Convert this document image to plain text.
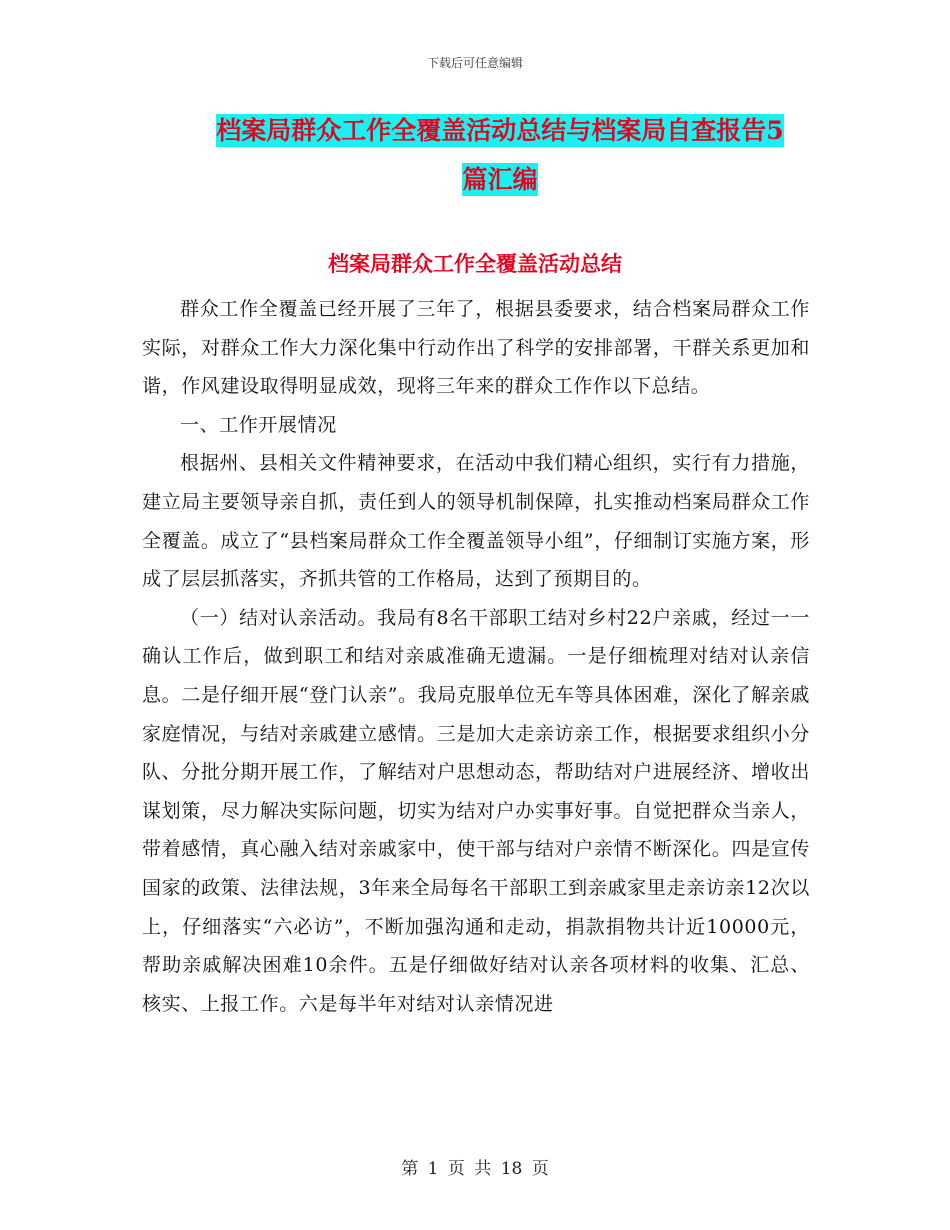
下载后可任意编辑
档案局群众工作全覆盖活动总结与档案局自查报告5
篇汇编
档案局群众工作全覆盖活动总结

群众工作全覆盖已经开展了三年了，根据县委要求，结合档案局群众工作实际，对群众工作大力深化集中行动作出了科学的安排部署，干群关系更加和谐，作风建设取得明显成效，现将三年来的群众工作作以下总结。

一、工作开展情况

根据州、县相关文件精神要求，在活动中我们精心组织，实行有力措施，建立局主要领导亲自抓，责任到人的领导机制保障，扎实推动档案局群众工作全覆盖。成立了“县档案局群众工作全覆盖领导小组”，仔细制订实施方案，形成了层层抓落实，齐抓共管的工作格局，达到了预期目的。

（一）结对认亲活动。我局有8名干部职工结对乡村22户亲戚，经过一一确认工作后，做到职工和结对亲戚准确无遗漏。一是仔细梳理对结对认亲信息。二是仔细开展“登门认亲”。我局克服单位无车等具体困难，深化了解亲戚家庭情况，与结对亲戚建立感情。三是加大走亲访亲工作，根据要求组织小分队、分批分期开展工作，了解结对户思想动态，帮助结对户进展经济、增收出谋划策，尽力解决实际问题，切实为结对户办实事好事。自觉把群众当亲人，带着感情，真心融入结对亲戚家中，使干部与结对户亲情不断深化。四是宣传国家的政策、法律法规，3年来全局每名干部职工到亲戚家里走亲访亲12次以上，仔细落实“六必访”，不断加强沟通和走动，捐款捐物共计近10000元，帮助亲戚解决困难10余件。五是仔细做好结对认亲各项材料的收集、汇总、核实、上报工作。六是每半年对结对认亲情况进

第 1 页 共 18 页
